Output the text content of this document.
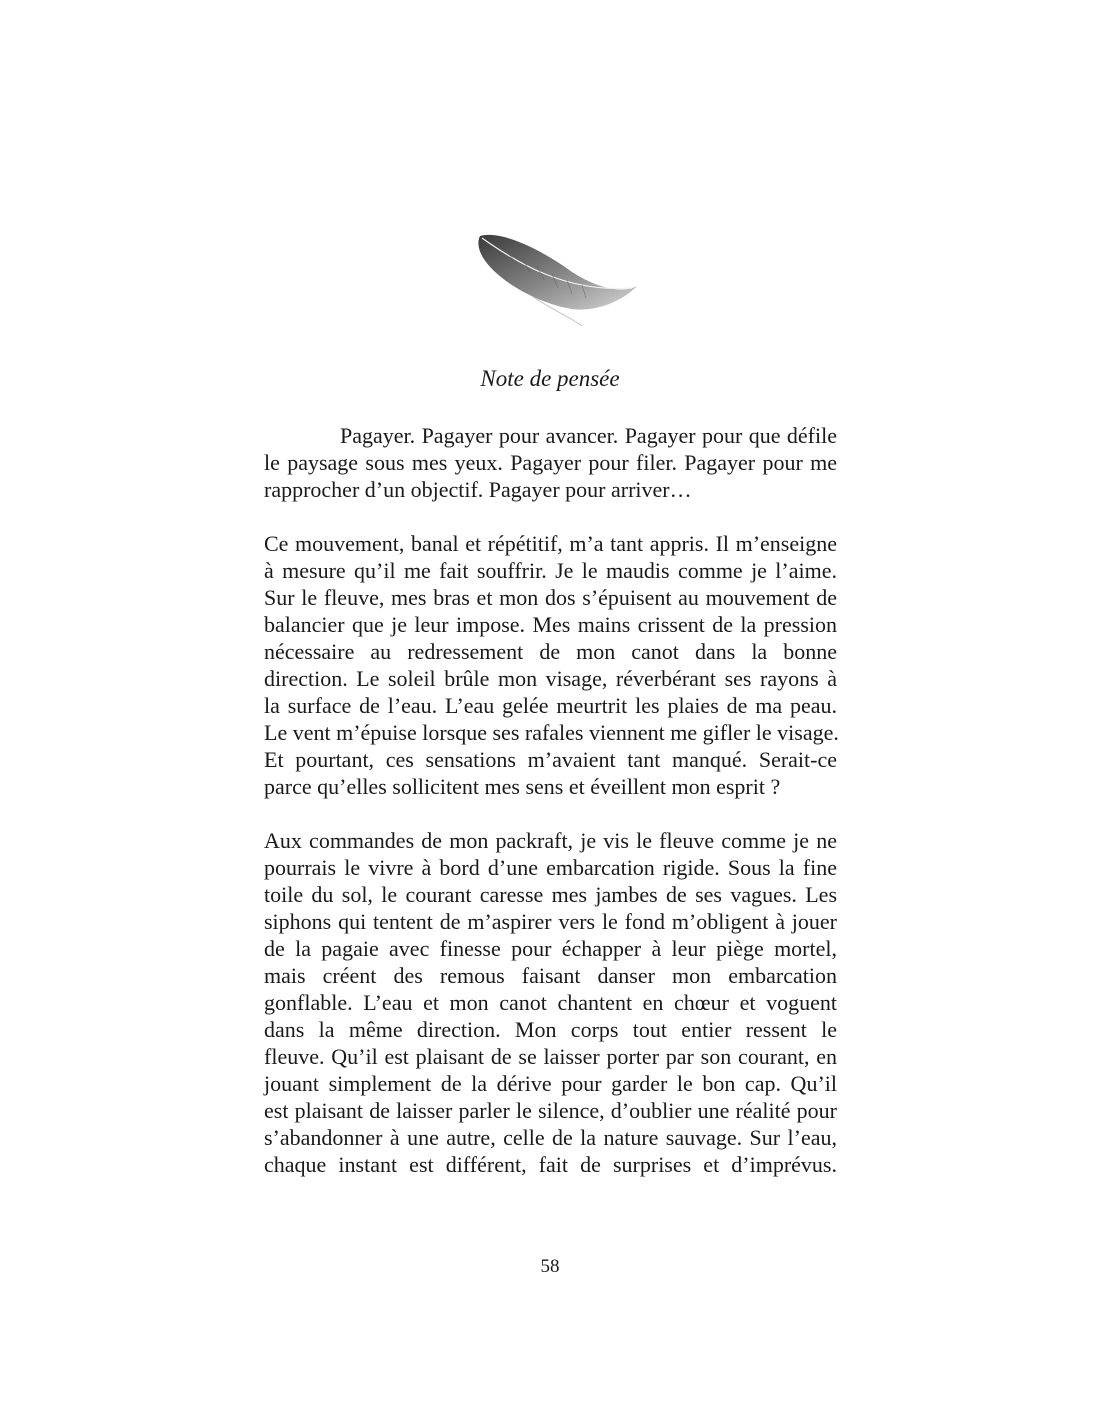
Note de pensée

Pagayer. Pagayer pour avancer. Pagayer pour que défile
le paysage sous mes yeux. Pagayer pour filer. Pagayer pour me
rapprocher d’un objectif. Pagayer pour arriver…

Ce mouvement, banal et répétitif, m’a tant appris. Il m’enseigne
à mesure qu’il me fait souffrir. Je le maudis comme je l’aime.
Sur le fleuve, mes bras et mon dos s’épuisent au mouvement de
balancier que je leur impose. Mes mains crissent de la pression
nécessaire au redressement de mon canot dans la bonne
direction. Le soleil brûle mon visage, réverbérant ses rayons à
la surface de l’eau. L’eau gelée meurtrit les plaies de ma peau.
Le vent m’épuise lorsque ses rafales viennent me gifler le visage.
Et pourtant, ces sensations m’avaient tant manqué. Serait-ce
parce qu’elles sollicitent mes sens et éveillent mon esprit ?

Aux commandes de mon packraft, je vis le fleuve comme je ne
pourrais le vivre à bord d’une embarcation rigide. Sous la fine
toile du sol, le courant caresse mes jambes de ses vagues. Les
siphons qui tentent de m’aspirer vers le fond m’obligent à jouer
de la pagaie avec finesse pour échapper à leur piège mortel,
mais créent des remous faisant danser mon embarcation
gonflable. L’eau et mon canot chantent en chœur et voguent
dans la même direction. Mon corps tout entier ressent le
fleuve. Qu’il est plaisant de se laisser porter par son courant, en
jouant simplement de la dérive pour garder le bon cap. Qu’il
est plaisant de laisser parler le silence, d’oublier une réalité pour
s’abandonner à une autre, celle de la nature sauvage. Sur l’eau,
chaque instant est différent, fait de surprises et d’imprévus.

58
